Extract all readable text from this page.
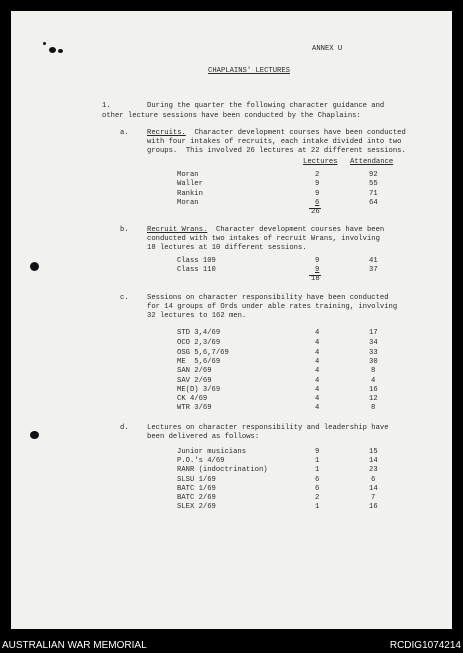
ANNEX U
CHAPLAINS' LECTURES
1.	During the quarter the following character guidance and
other lecture sessions have been conducted by the Chaplains:
a.	Recruits.  Character development courses have been conducted
with four intakes of recruits, each intake divided into two
groups.  This involved 26 lectures at 22 different sessions.
Lectures Attendance
Moran	2	92
Waller	9	55
Rankin	9	71
Moran	6	64
26
b.	Recruit Wrans.  Character development courses have been
conducted with two intakes of recruit Wrans, involving
18 lectures at 10 different sessions.
Class 109	9	41
Class 110	9	37
18
c.	Sessions on character responsibility have been conducted
for 14 groups of Ords under able rates training, involving
32 lectures to 162 men.
STD 3,4/69	4	17
OCO 2,3/69	4	34
OSG 5,6,7/69	4	33
ME  5,6/69	4	30
SAN 2/69	4	8
SAV 2/69	4	4
ME(D) 3/69	4	16
CK 4/69	4	12
WTR 3/69	4	8
d.	Lectures on character responsibility and leadership have
been delivered as follows:
Junior musicians	9	15
P.O.'s 4/69	1	14
RANR (indoctrination)	1	23
SLSU 1/69	6	6
BATC 1/69	6	14
BATC 2/69	2	7
SLEX 2/69	1	16
AUSTRALIAN WAR MEMORIAL	RCDIG1074214
